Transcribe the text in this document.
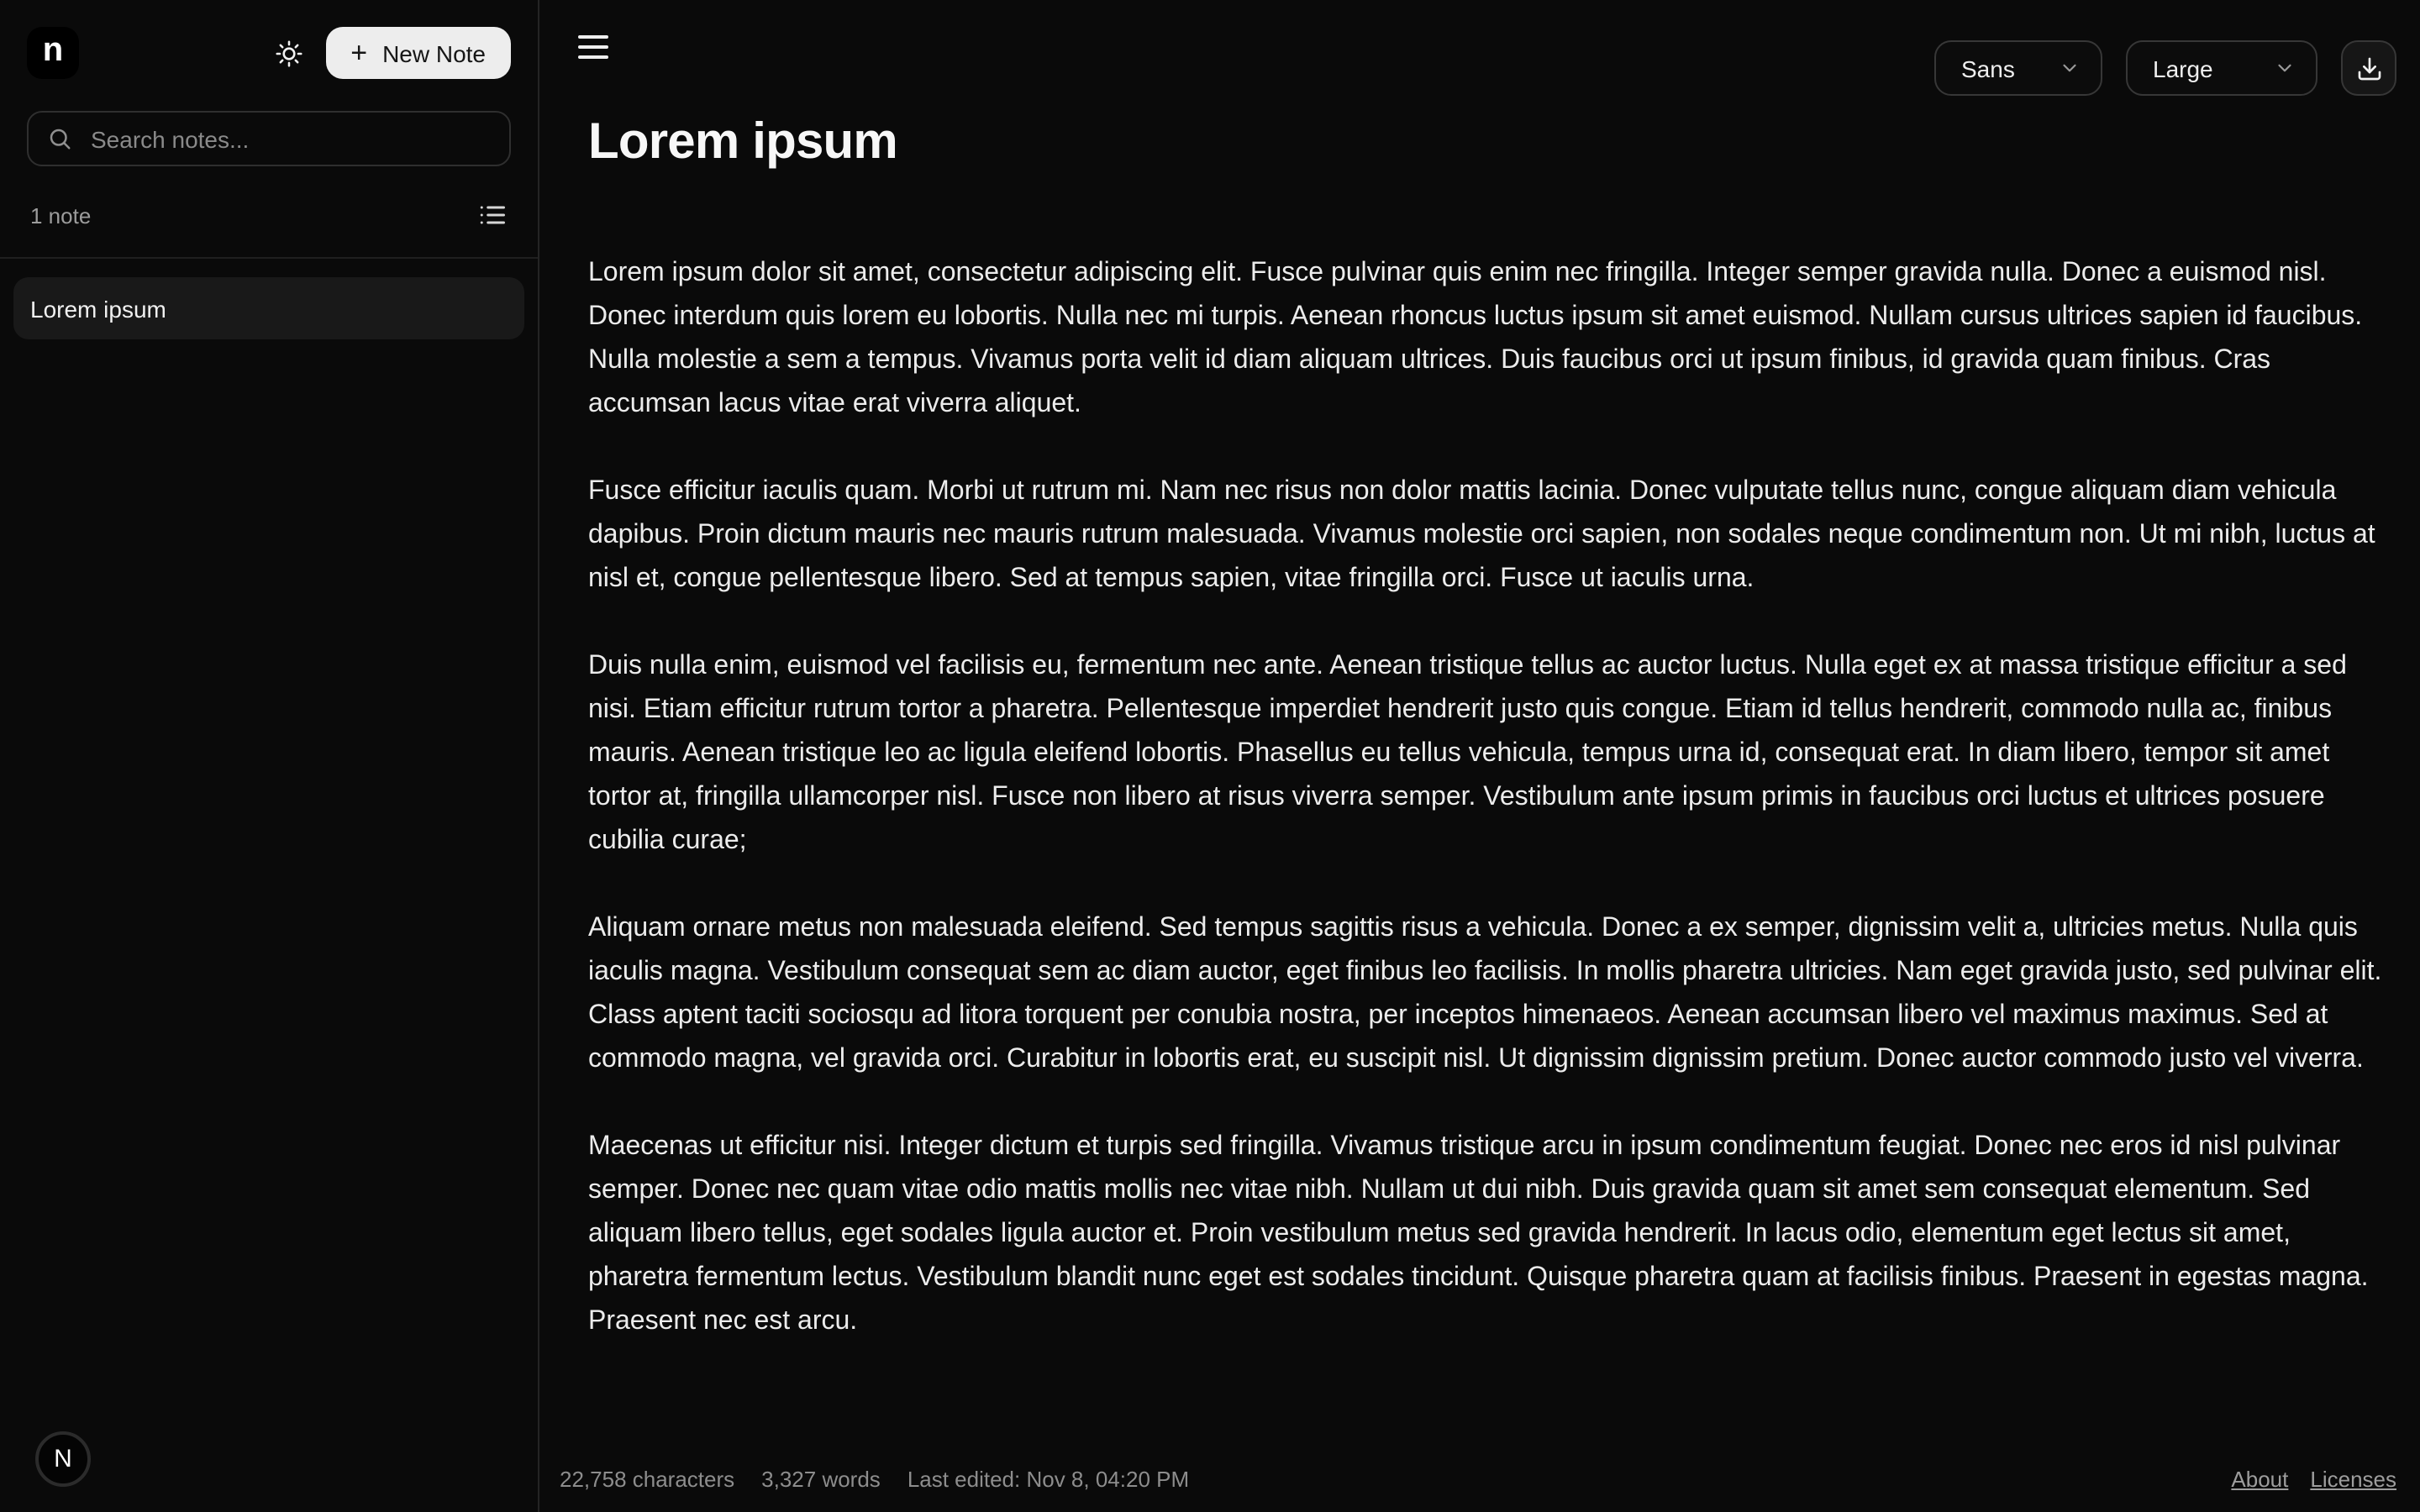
n	+ New Note
Search notes...
1 note
Lorem ipsum
N
Sans	Large
Lorem ipsum

Lorem ipsum dolor sit amet, consectetur adipiscing elit. Fusce pulvinar quis enim nec fringilla. Integer semper gravida nulla. Donec a euismod nisl. Donec interdum quis lorem eu lobortis. Nulla nec mi turpis. Aenean rhoncus luctus ipsum sit amet euismod. Nullam cursus ultrices sapien id faucibus. Nulla molestie a sem a tempus. Vivamus porta velit id diam aliquam ultrices. Duis faucibus orci ut ipsum finibus, id gravida quam finibus. Cras accumsan lacus vitae erat viverra aliquet.

Fusce efficitur iaculis quam. Morbi ut rutrum mi. Nam nec risus non dolor mattis lacinia. Donec vulputate tellus nunc, congue aliquam diam vehicula dapibus. Proin dictum mauris nec mauris rutrum malesuada. Vivamus molestie orci sapien, non sodales neque condimentum non. Ut mi nibh, luctus at nisl et, congue pellentesque libero. Sed at tempus sapien, vitae fringilla orci. Fusce ut iaculis urna.

Duis nulla enim, euismod vel facilisis eu, fermentum nec ante. Aenean tristique tellus ac auctor luctus. Nulla eget ex at massa tristique efficitur a sed nisi. Etiam efficitur rutrum tortor a pharetra. Pellentesque imperdiet hendrerit justo quis congue. Etiam id tellus hendrerit, commodo nulla ac, finibus mauris. Aenean tristique leo ac ligula eleifend lobortis. Phasellus eu tellus vehicula, tempus urna id, consequat erat. In diam libero, tempor sit amet tortor at, fringilla ullamcorper nisl. Fusce non libero at risus viverra semper. Vestibulum ante ipsum primis in faucibus orci luctus et ultrices posuere cubilia curae;

Aliquam ornare metus non malesuada eleifend. Sed tempus sagittis risus a vehicula. Donec a ex semper, dignissim velit a, ultricies metus. Nulla quis iaculis magna. Vestibulum consequat sem ac diam auctor, eget finibus leo facilisis. In mollis pharetra ultricies. Nam eget gravida justo, sed pulvinar elit. Class aptent taciti sociosqu ad litora torquent per conubia nostra, per inceptos himenaeos. Aenean accumsan libero vel maximus maximus. Sed at commodo magna, vel gravida orci. Curabitur in lobortis erat, eu suscipit nisl. Ut dignissim dignissim pretium. Donec auctor commodo justo vel viverra.

Maecenas ut efficitur nisi. Integer dictum et turpis sed fringilla. Vivamus tristique arcu in ipsum condimentum feugiat. Donec nec eros id nisl pulvinar semper. Donec nec quam vitae odio mattis mollis nec vitae nibh. Nullam ut dui nibh. Duis gravida quam sit amet sem consequat elementum. Sed aliquam libero tellus, eget sodales ligula auctor et. Proin vestibulum metus sed gravida hendrerit. In lacus odio, elementum eget lectus sit amet, pharetra fermentum lectus. Vestibulum blandit nunc eget est sodales tincidunt. Quisque pharetra quam at facilisis finibus. Praesent in egestas magna. Praesent nec est arcu.

22,758 characters 3,327 words Last edited: Nov 8, 04:20 PM	About Licenses
